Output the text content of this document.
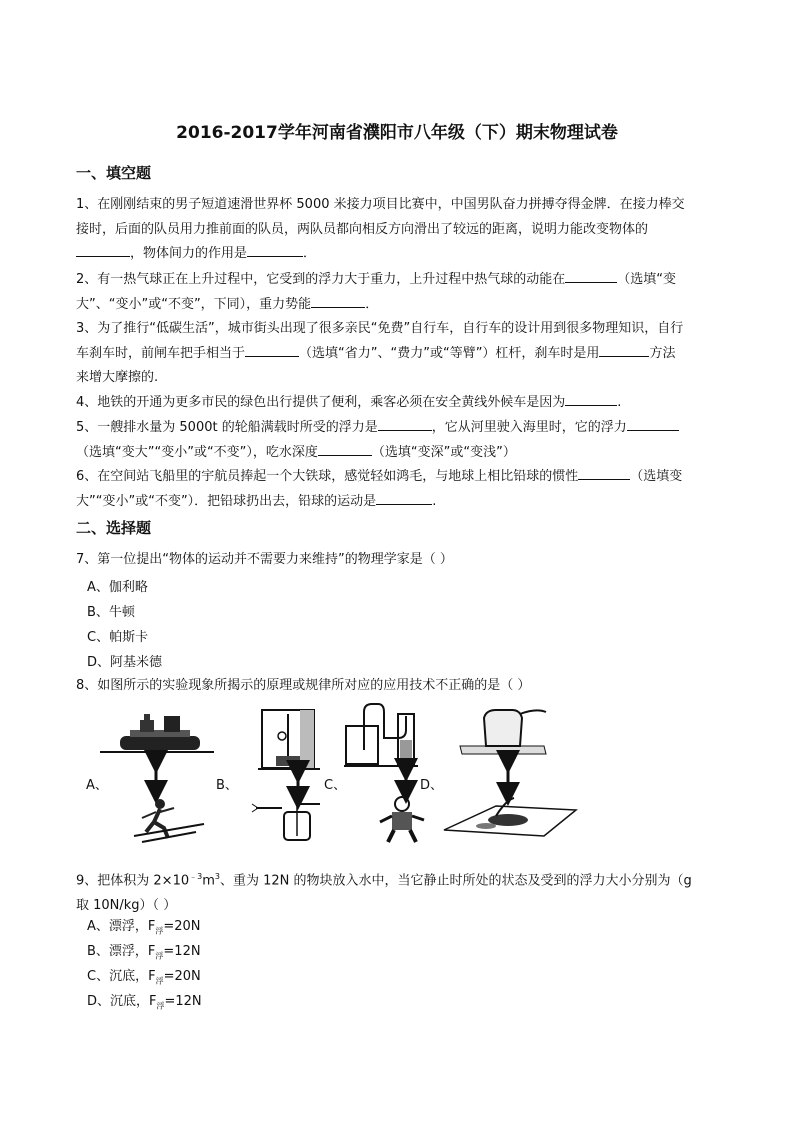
2016-2017学年河南省濮阳市八年级（下）期末物理试卷
一、填空题
1、在刚刚结束的男子短道速滑世界杯 5000 米接力项目比赛中，中国男队奋力拼搏夺得金牌．在接力棒交
接时，后面的队员用力推前面的队员，两队员都向相反方向滑出了较远的距离，说明力能改变物体的
，物体间力的作用是	．
2、有一热气球正在上升过程中，它受到的浮力大于重力，上升过程中热气球的动能在	（选填“变
大”、“变小”或“不变”，下同），重力势能	．
3、为了推行“低碳生活”，城市街头出现了很多亲民“免费”自行车，自行车的设计用到很多物理知识，自行
车刹车时，前闸车把手相当于	（选填“省力”、“费力”或“等臂”）杠杆，刹车时是用	方法
来增大摩擦的.
4、地铁的开通为更多市民的绿色出行提供了便利，乘客必须在安全黄线外候车是因为	.
5、一艘排水量为 5000t 的轮船满载时所受的浮力是	，它从河里驶入海里时，它的浮力
（选填“变大”“变小”或“不变”），吃水深度	（选填“变深”或“变浅”）
6、在空间站飞船里的宇航员捧起一个大铁球，感觉轻如鸿毛，与地球上相比铅球的惯性	（选填变
大”“变小”或“不变”）．把铅球扔出去，铅球的运动是	.
二、选择题
7、第一位提出“物体的运动并不需要力来维持”的物理学家是（ ）
A、伽利略
B、牛顿
C、帕斯卡
D、阿基米德
8、如图所示的实验现象所揭示的原理或规律所对应的应用技术不正确的是（ ）
A、	B、	C、	D、
9、把体积为 $2\times 10^{﹣3}m^3$、重为 12N 的物块放入水中，当它静止时所处的状态及受到的浮力大小分别为（g
取 10N/kg）（ ）
A、漂浮，$F_浮=20N$
B、漂浮，$F_浮=12N$
C、沉底，$F_浮=20N$
D、沉底，$F_浮=12N$
